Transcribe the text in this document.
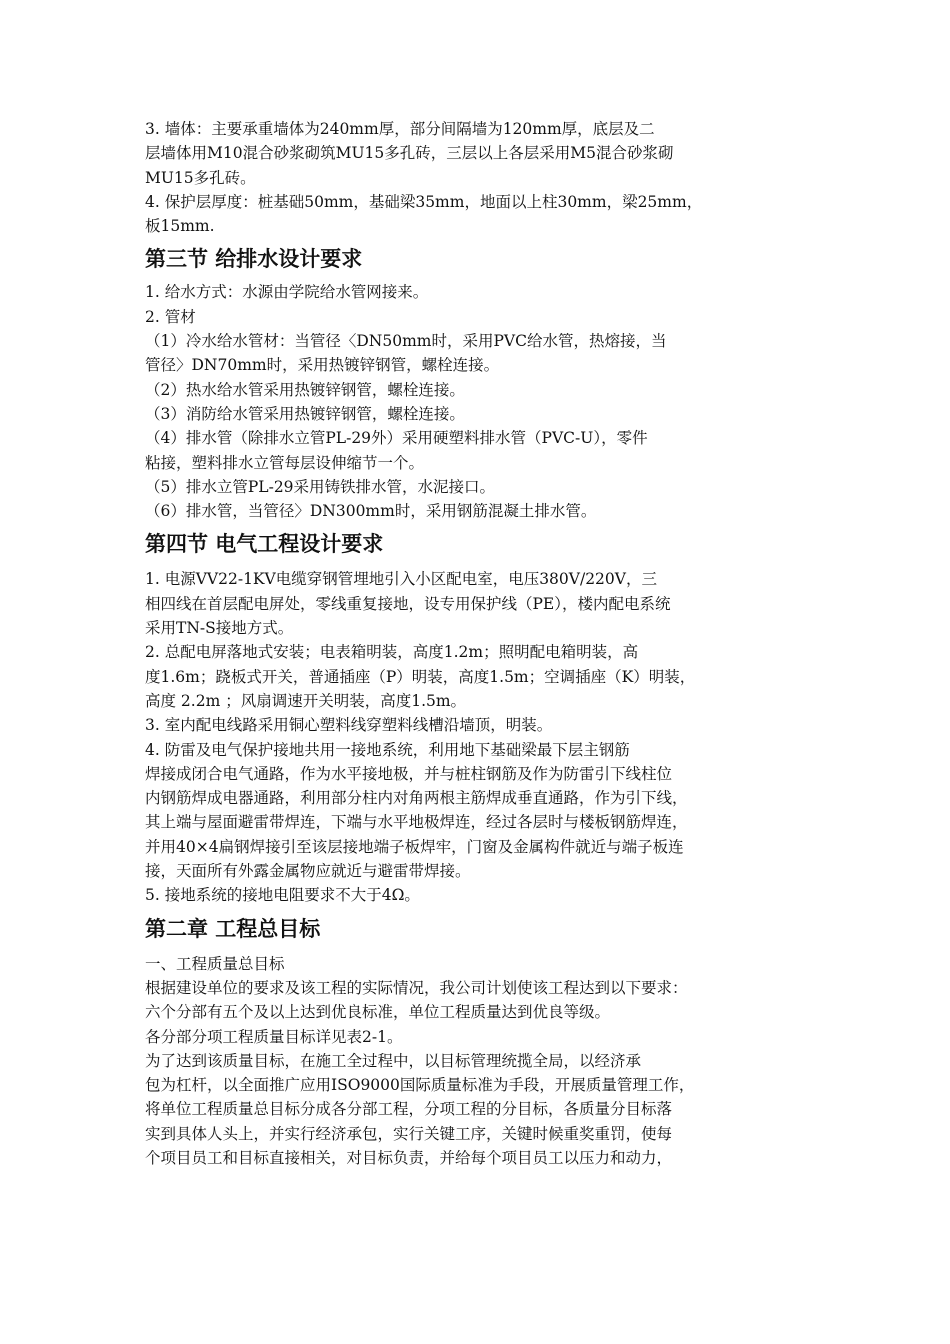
3. 墙体：主要承重墙体为240mm厚，部分间隔墙为120mm厚，底层及二

层墙体用M10混合砂浆砌筑MU15多孔砖，三层以上各层采用M5混合砂浆砌

MU15多孔砖。

4. 保护层厚度：桩基础50mm，基础梁35mm，地面以上柱30mm，梁25mm，

板15mm.

第三节 给排水设计要求

1. 给水方式：水源由学院给水管网接来。

2. 管材

（1）冷水给水管材：当管径〈DN50mm时，采用PVC给水管，热熔接，当

管径〉DN70mm时，采用热镀锌钢管，螺栓连接。

（2）热水给水管采用热镀锌钢管，螺栓连接。

（3）消防给水管采用热镀锌钢管，螺栓连接。

（4）排水管（除排水立管PL-29外）采用硬塑料排水管（PVC-U），零件

粘接，塑料排水立管每层设伸缩节一个。

（5）排水立管PL-29采用铸铁排水管，水泥接口。

（6）排水管，当管径〉DN300mm时，采用钢筋混凝土排水管。

第四节 电气工程设计要求

1. 电源VV22-1KV电缆穿钢管埋地引入小区配电室，电压380V/220V，三

相四线在首层配电屏处，零线重复接地，设专用保护线（PE），楼内配电系统

采用TN-S接地方式。

2. 总配电屏落地式安装；电表箱明装，高度1.2m；照明配电箱明装，高

度1.6m；跷板式开关，普通插座（P）明装，高度1.5m；空调插座（K）明装，

高度 2.2m ；风扇调速开关明装，高度1.5m。

3. 室内配电线路采用铜心塑料线穿塑料线槽沿墙顶，明装。

4. 防雷及电气保护接地共用一接地系统，利用地下基础梁最下层主钢筋

焊接成闭合电气通路，作为水平接地极，并与桩柱钢筋及作为防雷引下线柱位

内钢筋焊成电器通路，利用部分柱内对角两根主筋焊成垂直通路，作为引下线，

其上端与屋面避雷带焊连，下端与水平地极焊连，经过各层时与楼板钢筋焊连，

并用40×4扁钢焊接引至该层接地端子板焊牢，门窗及金属构件就近与端子板连

接，天面所有外露金属物应就近与避雷带焊接。

5. 接地系统的接地电阻要求不大于4Ω。

第二章 工程总目标

一、工程质量总目标

根据建设单位的要求及该工程的实际情况，我公司计划使该工程达到以下要求：

六个分部有五个及以上达到优良标准，单位工程质量达到优良等级。

各分部分项工程质量目标详见表2-1。

为了达到该质量目标，在施工全过程中，以目标管理统揽全局，以经济承

包为杠杆，以全面推广应用ISO9000国际质量标准为手段，开展质量管理工作，

将单位工程质量总目标分成各分部工程，分项工程的分目标，各质量分目标落

实到具体人头上，并实行经济承包，实行关键工序，关键时候重奖重罚，使每

个项目员工和目标直接相关，对目标负责，并给每个项目员工以压力和动力，
